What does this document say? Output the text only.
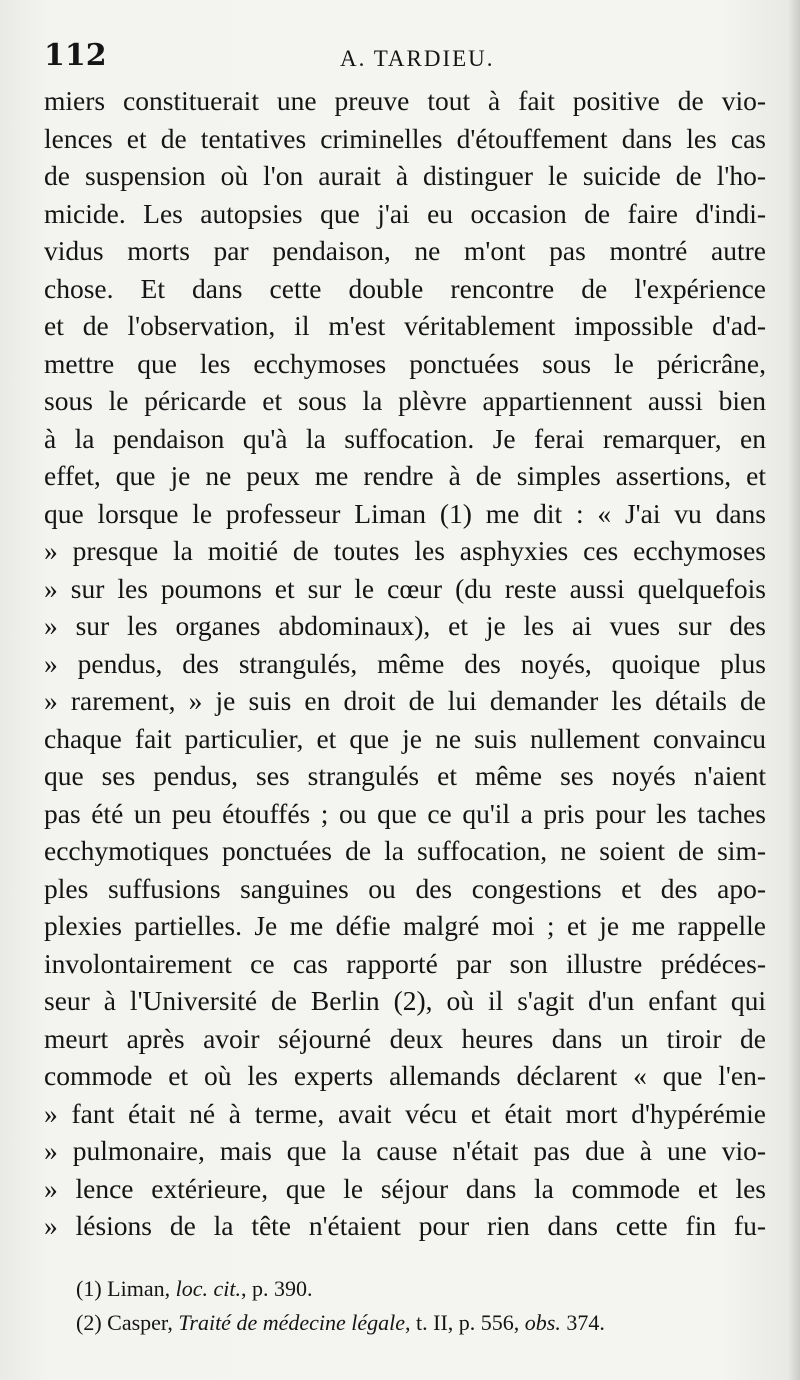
112	A. TARDIEU.
miers constituerait une preuve tout à fait positive de vio-
lences et de tentatives criminelles d'étouffement dans les cas
de suspension où l'on aurait à distinguer le suicide de l'ho-
micide. Les autopsies que j'ai eu occasion de faire d'indi-
vidus morts par pendaison, ne m'ont pas montré autre
chose. Et dans cette double rencontre de l'expérience
et de l'observation, il m'est véritablement impossible d'ad-
mettre que les ecchymoses ponctuées sous le péricrâne,
sous le péricarde et sous la plèvre appartiennent aussi bien
à la pendaison qu'à la suffocation. Je ferai remarquer, en
effet, que je ne peux me rendre à de simples assertions, et
que lorsque le professeur Liman (1) me dit : « J'ai vu dans
» presque la moitié de toutes les asphyxies ces ecchymoses
» sur les poumons et sur le cœur (du reste aussi quelquefois
» sur les organes abdominaux), et je les ai vues sur des
» pendus, des strangulés, même des noyés, quoique plus
» rarement, » je suis en droit de lui demander les détails de
chaque fait particulier, et que je ne suis nullement convaincu
que ses pendus, ses strangulés et même ses noyés n'aient
pas été un peu étouffés ; ou que ce qu'il a pris pour les taches
ecchymotiques ponctuées de la suffocation, ne soient de sim-
ples suffusions sanguines ou des congestions et des apo-
plexies partielles. Je me défie malgré moi ; et je me rappelle
involontairement ce cas rapporté par son illustre prédéces-
seur à l'Université de Berlin (2), où il s'agit d'un enfant qui
meurt après avoir séjourné deux heures dans un tiroir de
commode et où les experts allemands déclarent « que l'en-
» fant était né à terme, avait vécu et était mort d'hypérémie
» pulmonaire, mais que la cause n'était pas due à une vio-
» lence extérieure, que le séjour dans la commode et les
» lésions de la tête n'étaient pour rien dans cette fin fu-
(1) Liman, loc. cit., p. 390.
(2) Casper, Traité de médecine légale, t. II, p. 556, obs. 374.
